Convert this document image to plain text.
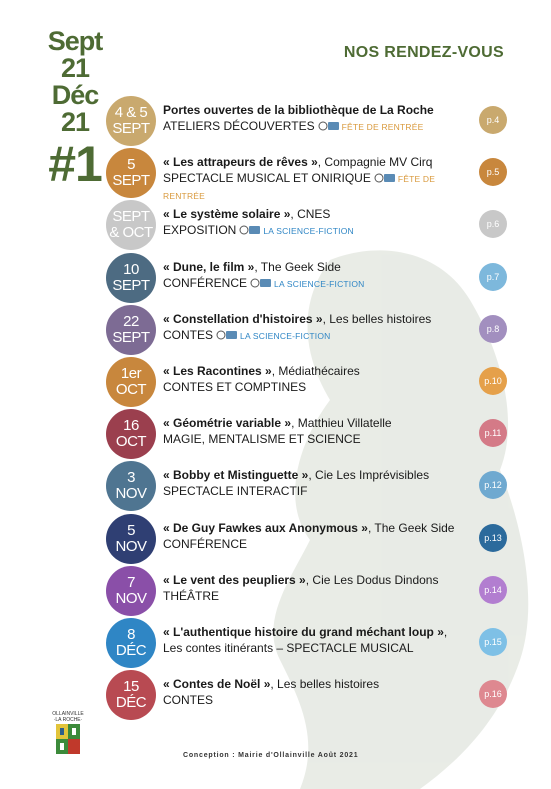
Sept
21
Déc
21
#1
NOS RENDEZ-VOUS
4 & 5
SEPT
Portes ouvertes de la bibliothèque de La Roche
ATELIERS DÉCOUVERTES	FÊTE DE RENTRÉE
p.4
5
SEPT
« Les attrapeurs de rêves », Compagnie MV Cirq
SPECTACLE MUSICAL ET ONIRIQUE	FÊTE DE RENTRÉE
p.5
SEPT
& OCT
« Le système solaire », CNES
EXPOSITION	LA SCIENCE-FICTION
p.6
10
SEPT
« Dune, le film », The Geek Side
CONFÉRENCE	LA SCIENCE-FICTION
p.7
22
SEPT
« Constellation d'histoires », Les belles histoires
CONTES	LA SCIENCE-FICTION
p.8
1er
OCT
« Les Racontines », Médiathécaires
CONTES ET COMPTINES	p.10
16
OCT
« Géométrie variable », Matthieu Villatelle
MAGIE, MENTALISME ET SCIENCE	p.11
3
NOV
« Bobby et Mistinguette », Cie Les Imprévisibles
SPECTACLE INTERACTIF	p.12
5
NOV
« De Guy Fawkes aux Anonymous », The Geek Side
CONFÉRENCE	p.13
7
NOV
« Le vent des peupliers », Cie Les Dodus Dindons
THÉÂTRE	p.14
8
DÉC
« L'authentique histoire du grand méchant loup »,
Les contes itinérants – SPECTACLE MUSICAL	p.15
15
DÉC
« Contes de Noël », Les belles histoires
CONTES	p.16
OLLAINVILLE
·LA ROCHE·
Conception : Mairie d'Ollainville Août 2021
